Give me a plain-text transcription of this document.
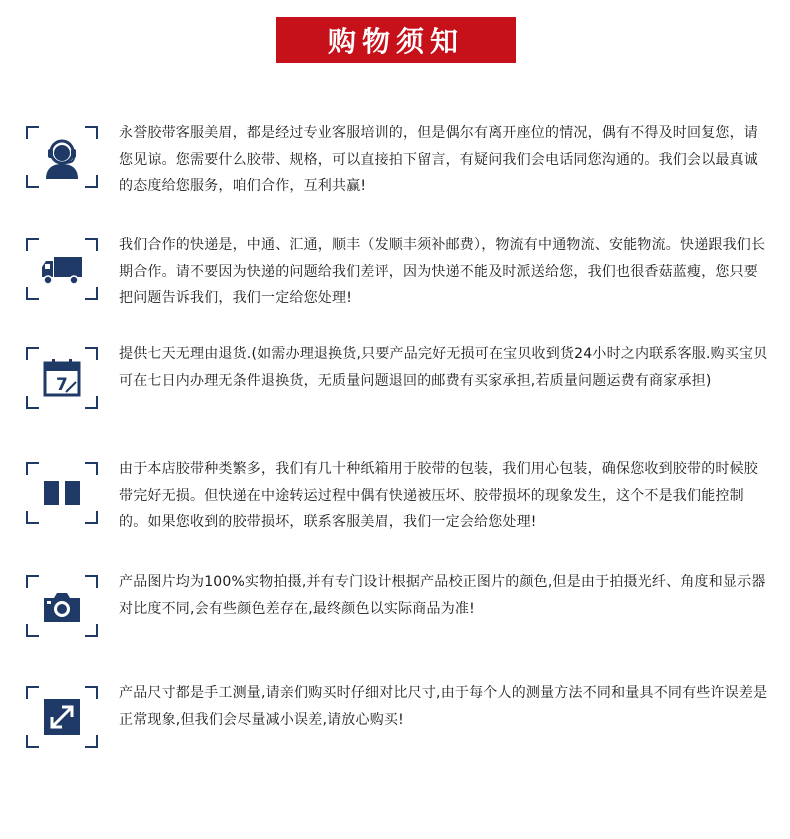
购物须知
永誉胶带客服美眉，都是经过专业客服培训的，但是偶尔有离开座位的情况，偶有不得及时回复您，请您见谅。您需要什么胶带、规格，可以直接拍下留言，有疑问我们会电话同您沟通的。我们会以最真诚的态度给您服务，咱们合作，互利共赢!
我们合作的快递是，中通、汇通，顺丰（发顺丰须补邮费），物流有中通物流、安能物流。快递跟我们长期合作。请不要因为快递的问题给我们差评，因为快递不能及时派送给您，我们也很香菇蓝瘦，您只要把问题告诉我们，我们一定给您处理!
7
提供七天无理由退货.(如需办理退换货,只要产品完好无损可在宝贝收到货24小时之内联系客服.购买宝贝可在七日内办理无条件退换货，无质量问题退回的邮费有买家承担,若质量问题运费有商家承担)
由于本店胶带种类繁多，我们有几十种纸箱用于胶带的包装，我们用心包装，确保您收到胶带的时候胶带完好无损。但快递在中途转运过程中偶有快递被压坏、胶带损坏的现象发生，这个不是我们能控制的。如果您收到的胶带损坏，联系客服美眉，我们一定会给您处理!
产品图片均为100%实物拍摄,并有专门设计根据产品校正图片的颜色,但是由于拍摄光纤、角度和显示器对比度不同,会有些颜色差存在,最终颜色以实际商品为准!
产品尺寸都是手工测量,请亲们购买时仔细对比尺寸,由于每个人的测量方法不同和量具不同有些许误差是正常现象,但我们会尽量减小误差,请放心购买!
